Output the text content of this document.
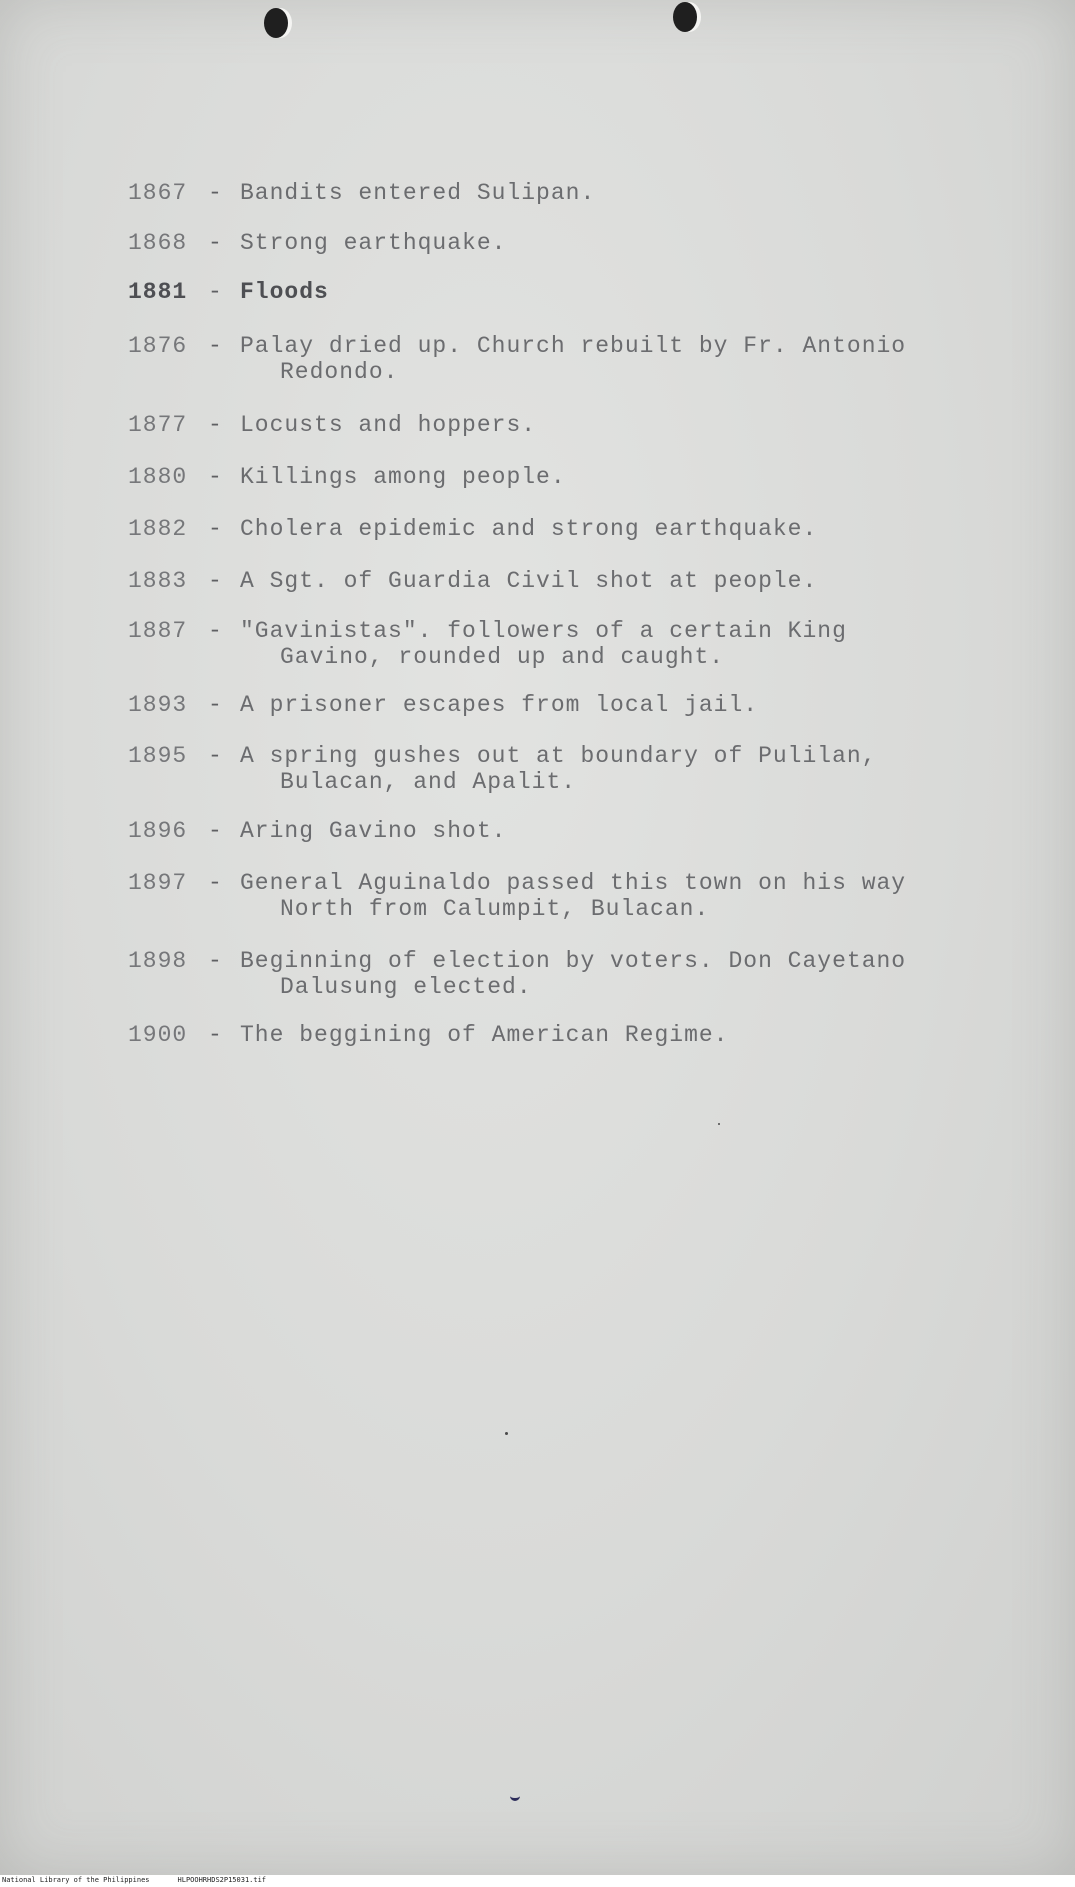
1867 - Bandits entered Sulipan.
1868 - Strong earthquake.
1881 - Floods
1876 - Palay dried up. Church rebuilt by Fr. Antonio
Redondo.
1877 - Locusts and hoppers.
1880 - Killings among people.
1882 - Cholera epidemic and strong earthquake.
1883 - A Sgt. of Guardia Civil shot at people.
1887 - "Gavinistas". followers of a certain King
Gavino, rounded up and caught.
1893 - A prisoner escapes from local jail.
1895 - A spring gushes out at boundary of Pulilan,
Bulacan, and Apalit.
1896 - Aring Gavino shot.
1897 - General Aguinaldo passed this town on his way
North from Calumpit, Bulacan.
1898 - Beginning of election by voters. Don Cayetano
Dalusung elected.
1900 - The beggining of American Regime.
National Library of the Philippines	HLPOOHRHDS2P15031.tif
